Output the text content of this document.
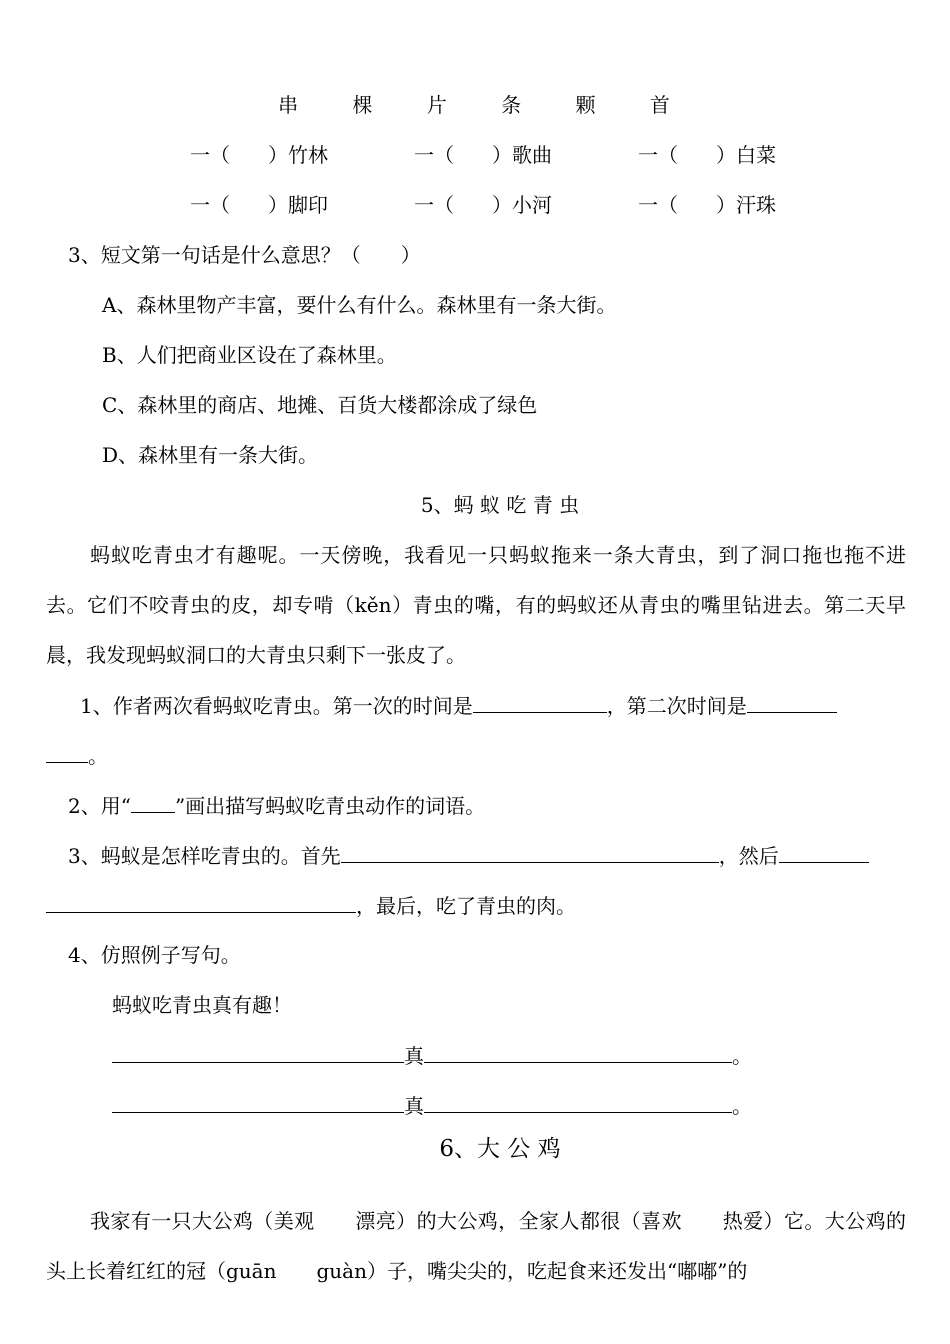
串	棵	片	条	颗	首
一（ ）竹林	一（ ）歌曲	一（ ）白菜
一（ ）脚印	一（ ）小河	一（ ）汗珠
3、短文第一句话是什么意思？（　　）
A、森林里物产丰富，要什么有什么。森林里有一条大街。
B、人们把商业区设在了森林里。
C、森林里的商店、地摊、百货大楼都涂成了绿色
D、森林里有一条大街。
5、蚂 蚁 吃 青 虫
蚂蚁吃青虫才有趣呢。一天傍晚，我看见一只蚂蚁拖来一条大青虫，到了洞口拖也拖不进去。它们不咬青虫的皮，却专啃（kěn）青虫的嘴，有的蚂蚁还从青虫的嘴里钻进去。第二天早晨，我发现蚂蚁洞口的大青虫只剩下一张皮了。
1、作者两次看蚂蚁吃青虫。第一次的时间是	，第二次时间是
。
2、用“ ”画出描写蚂蚁吃青虫动作的词语。
3、蚂蚁是怎样吃青虫的。首先	，然后
，最后，吃了青虫的肉。
4、仿照例子写句。
蚂蚁吃青虫真有趣！
真	。
真	。
6、大 公 鸡
我家有一只大公鸡（美观　　漂亮）的大公鸡，全家人都很（喜欢　　热爱）它。大公鸡的头上长着红红的冠（guān　　guàn）子，嘴尖尖的，吃起食来还发出“嘟嘟”的
